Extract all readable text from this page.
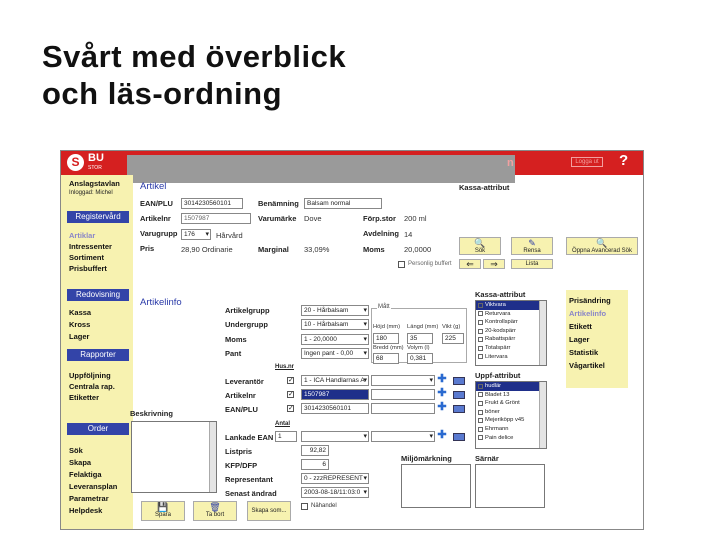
Svårt med överblick
och läs-ordning
S BU
STOR
Logga ut ?
n
Anslagstavlan
Inloggad: Michel
Registervård
Artiklar
Intressenter
Sortiment
Prisbuffert
Redovisning
Kassa
Kross
Lager
Rapporter
Uppföljning
Centrala rap.
Etiketter
Order
Sök
Skapa
Felaktiga
Leveransplan
Parametrar
Helpdesk
Artikel
EAN/PLU	3014230560101	Benämning	Balsam normal
Artikelnr	1507987	Varumärke Dove	Förp.stor 200 ml
Varugrupp 176 ▾	Hårvård	Avdelning 14
Pris	28,90 Ordinarie	Marginal 33,09%	Moms	20,0000
Kassa-attribut
🔍
Sök
✎
Rensa
🔍
Öppna Avancerad Sök
Personlig buffert	⇐	⇒	Lista
Artikelinfo
Artikelgrupp	20 - Hårbalsam ▾
Undergrupp	10 - Hårbalsam ▾
Moms	1 - 20,0000 ▾
Pant	Ingen pant - 0,00 ▾
Mått
Höjd (mm) Längd (mm) Vikt (g)
180	35	225
Bredd (mm) Volym (l)
68	0,381
Hus.nr
Leverantör	✓	1 - ICA Handlarnas A ▾ ▾	✚
Artikelnr	✓	1507987	✚
EAN/PLU	✓	3014230560101	✚
Beskrivning
Antal
Lankade EAN 1 ▾ ▾	✚
Listpris	92,82
KFP/DFP	6
Representant	0 - zzzREPRESENT ▾
Senast ändrad	2003-08-18/11:03:0 ▾
Nähandel
Kassa-attribut
Viktvara
Returvara
Kontrollspärr
20-kodspärr
Rabattspärr
Totalspärr
Litervara
Uppf-attribut
hudlär
Bladet 13
Frukt & Grönt
böner
Mejeriköpp v45
Ehrmann
Pain delice
Miljömärkning	Särnär
Prisändring
Artikelinfo
Etikett
Lager
Statistik
Vågartikel
💾
Spara
🗑
Ta bort
Skapa som...
